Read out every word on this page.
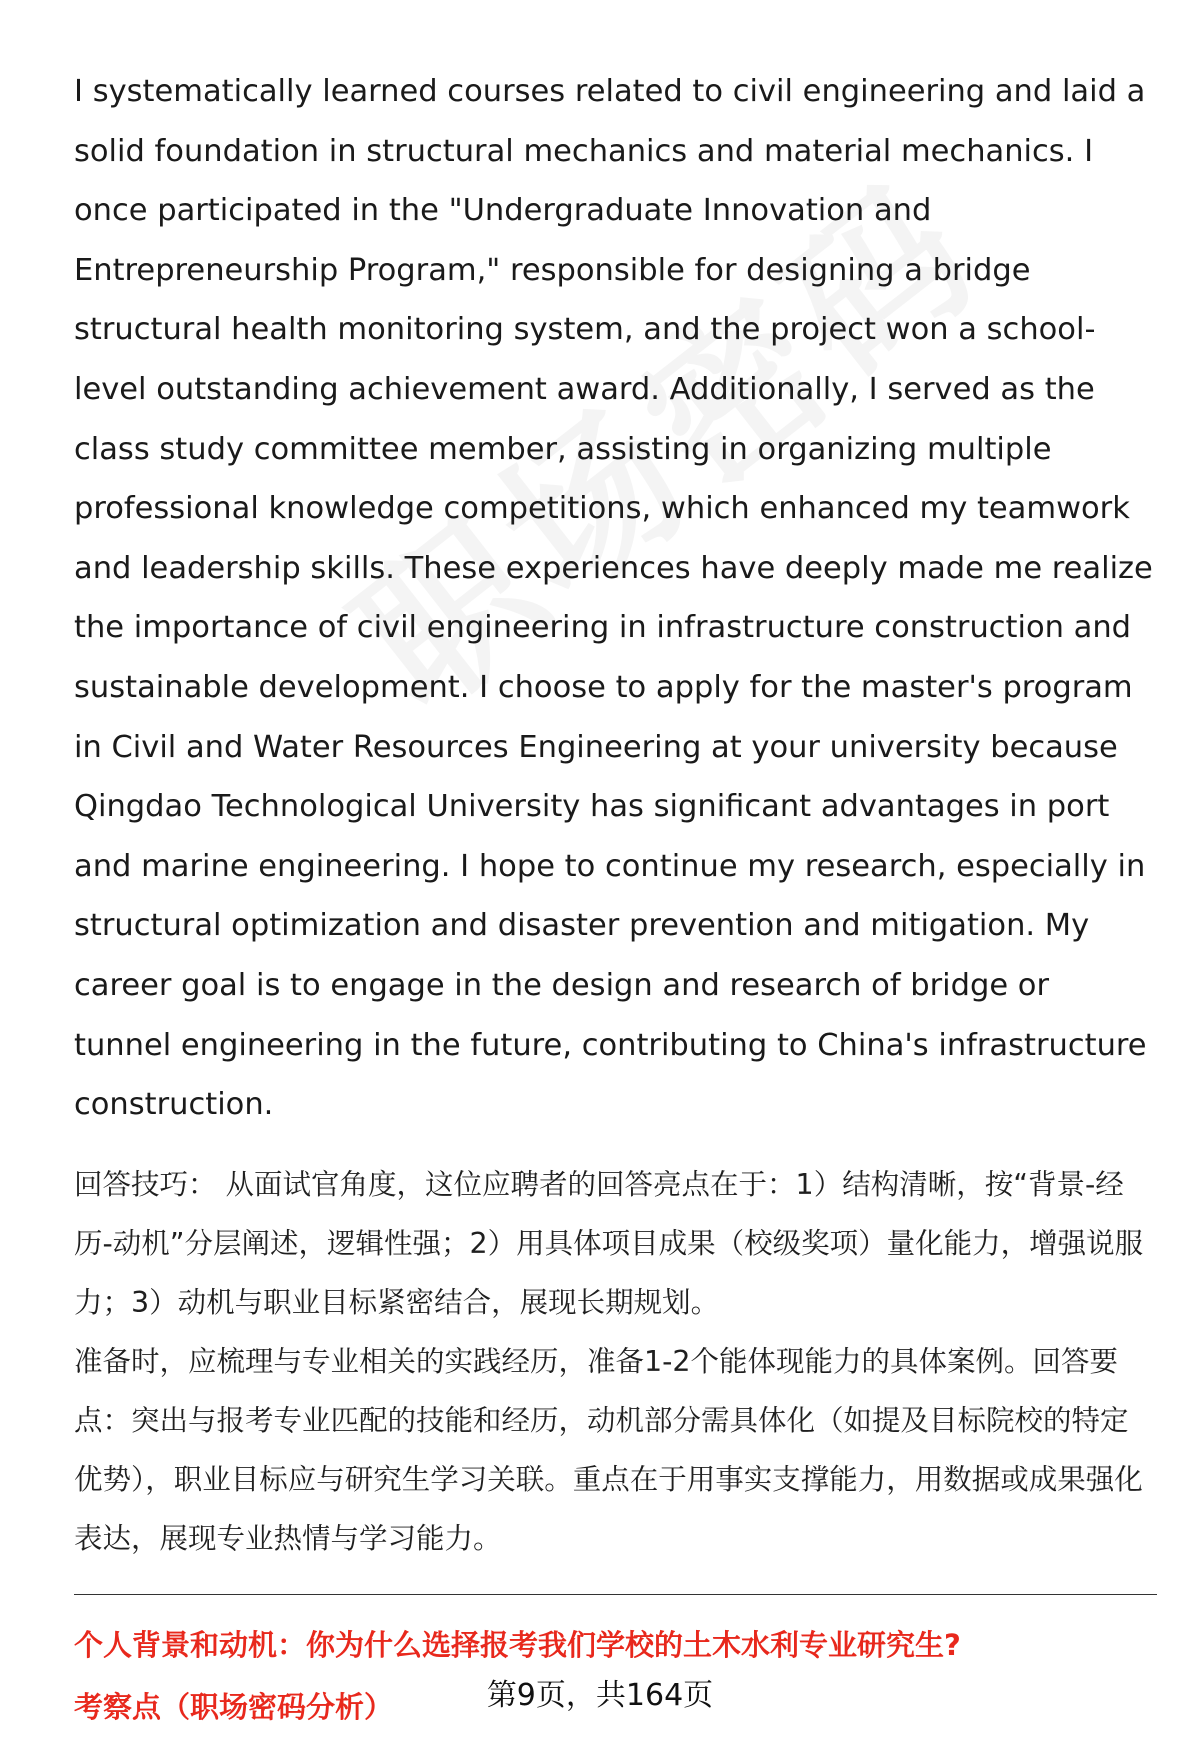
I systematically learned courses related to civil engineering and laid a solid foundation in structural mechanics and material mechanics. I once participated in the "Undergraduate Innovation and Entrepreneurship Program," responsible for designing a bridge structural health monitoring system, and the project won a school-level outstanding achievement award. Additionally, I served as the class study committee member, assisting in organizing multiple professional knowledge competitions, which enhanced my teamwork and leadership skills. These experiences have deeply made me realize the importance of civil engineering in infrastructure construction and sustainable development. I choose to apply for the master's program in Civil and Water Resources Engineering at your university because Qingdao Technological University has significant advantages in port and marine engineering. I hope to continue my research, especially in structural optimization and disaster prevention and mitigation. My career goal is to engage in the design and research of bridge or tunnel engineering in the future, contributing to China's infrastructure construction.

回答技巧： 从面试官角度，这位应聘者的回答亮点在于：1）结构清晰，按“背景-经历-动机”分层阐述，逻辑性强；2）用具体项目成果（校级奖项）量化能力，增强说服力；3）动机与职业目标紧密结合，展现长期规划。

准备时，应梳理与专业相关的实践经历，准备1-2个能体现能力的具体案例。回答要点：突出与报考专业匹配的技能和经历，动机部分需具体化（如提及目标院校的特定优势），职业目标应与研究生学习关联。重点在于用事实支撑能力，用数据或成果强化表达，展现专业热情与学习能力。

个人背景和动机：你为什么选择报考我们学校的土木水利专业研究生?
考察点（职场密码分析）	第9页，共164页
